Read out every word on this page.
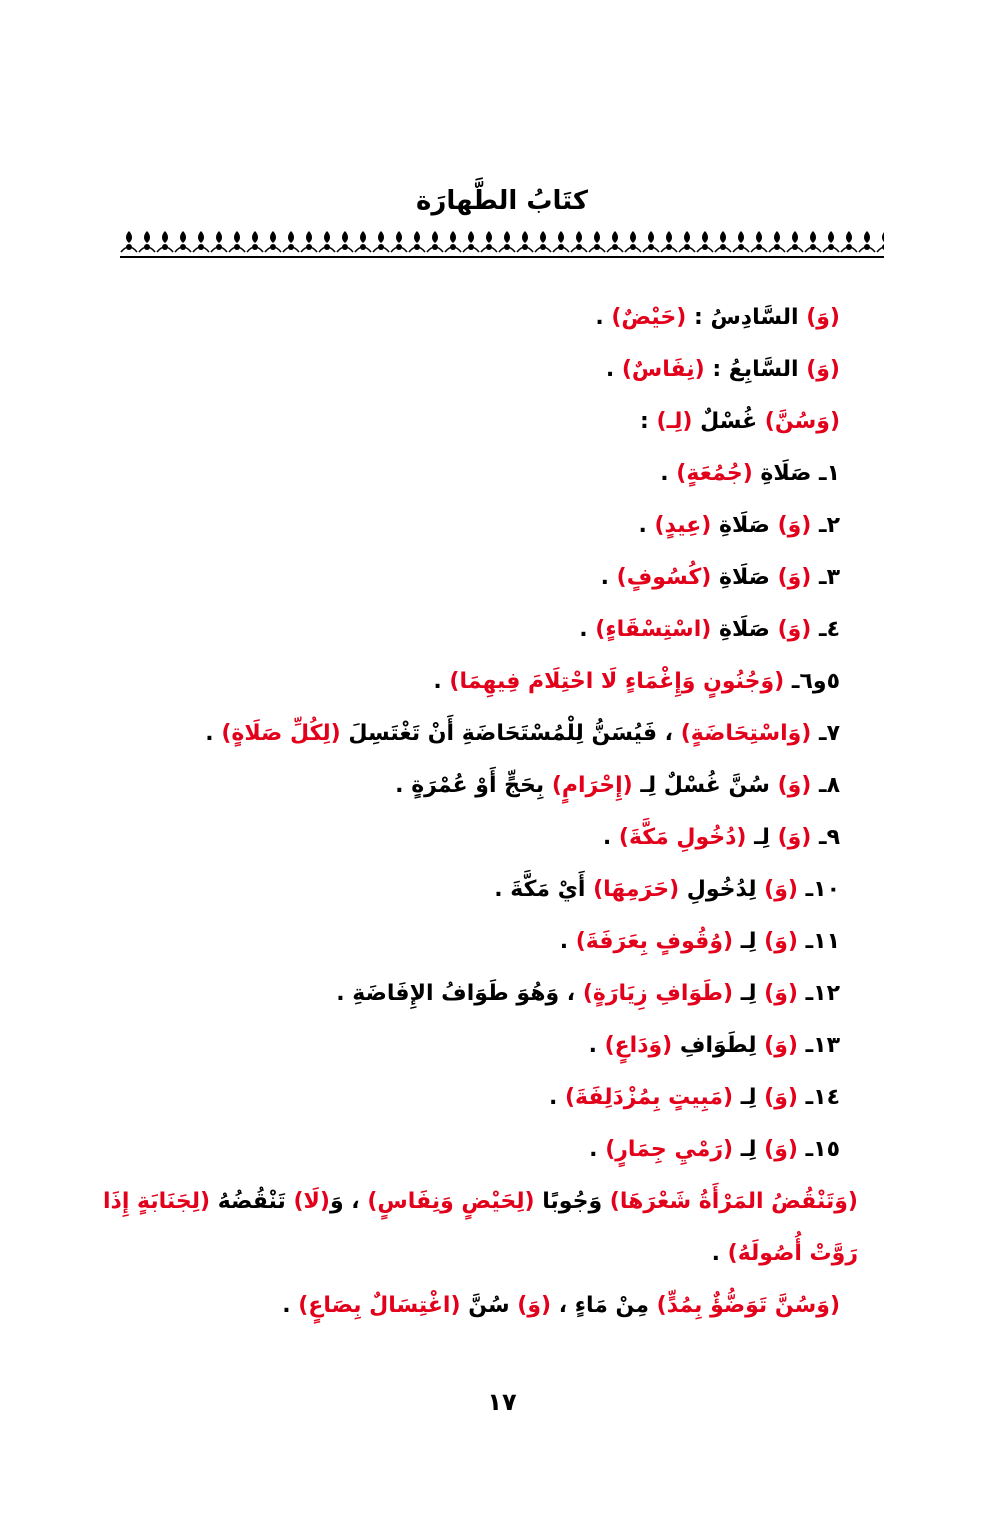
كتَابُ الطَّهارَة
(وَ) السَّادِسُ : (حَيْضٌ) .
(وَ) السَّابِعُ : (نِفَاسٌ) .
(وَسُنَّ) غُسْلٌ (لِـ) :
١ـ صَلَاةِ (جُمُعَةٍ) .
٢ـ (وَ) صَلَاةِ (عِيدٍ) .
٣ـ (وَ) صَلَاةِ (كُسُوفٍ) .
٤ـ (وَ) صَلَاةِ (اسْتِسْقَاءٍ) .
٥و٦ـ (وَجُنُونٍ وَإِغْمَاءٍ لَا احْتِلَامَ فِيهِمَا) .
٧ـ (وَاسْتِحَاضَةٍ) ، فَيُسَنُّ لِلْمُسْتَحَاضَةِ أَنْ تَغْتَسِلَ (لِكُلِّ صَلَاةٍ) .
٨ـ (وَ) سُنَّ غُسْلٌ لِـ (إِحْرَامٍ) بِحَجٍّ أَوْ عُمْرَةٍ .
٩ـ (وَ) لِـ (دُخُولِ مَكَّةَ) .
١٠ـ (وَ) لِدُخُولِ (حَرَمِهَا) أَيْ مَكَّةَ .
١١ـ (وَ) لِـ (وُقُوفٍ بِعَرَفَةَ) .
١٢ـ (وَ) لِـ (طَوَافِ زِيَارَةٍ) ، وَهُوَ طَوَافُ الإِفَاضَةِ .
١٣ـ (وَ) لِطَوَافِ (وَدَاعٍ) .
١٤ـ (وَ) لِـ (مَبِيتٍ بِمُزْدَلِفَةَ) .
١٥ـ (وَ) لِـ (رَمْيِ جِمَارٍ) .
(وَتَنْقُضُ المَرْأَةُ شَعْرَهَا) وَجُوبًا (لِحَيْضٍ وَنِفَاسٍ) ، وَ(لَا) تَنْقُضُهُ (لِجَنَابَةٍ إِذَا رَوَّتْ أُصُولَهُ) .
(وَسُنَّ تَوَضُّؤٌ بِمُدٍّ) مِنْ مَاءٍ ، (وَ) سُنَّ (اغْتِسَالٌ بِصَاعٍ) .
١٧
